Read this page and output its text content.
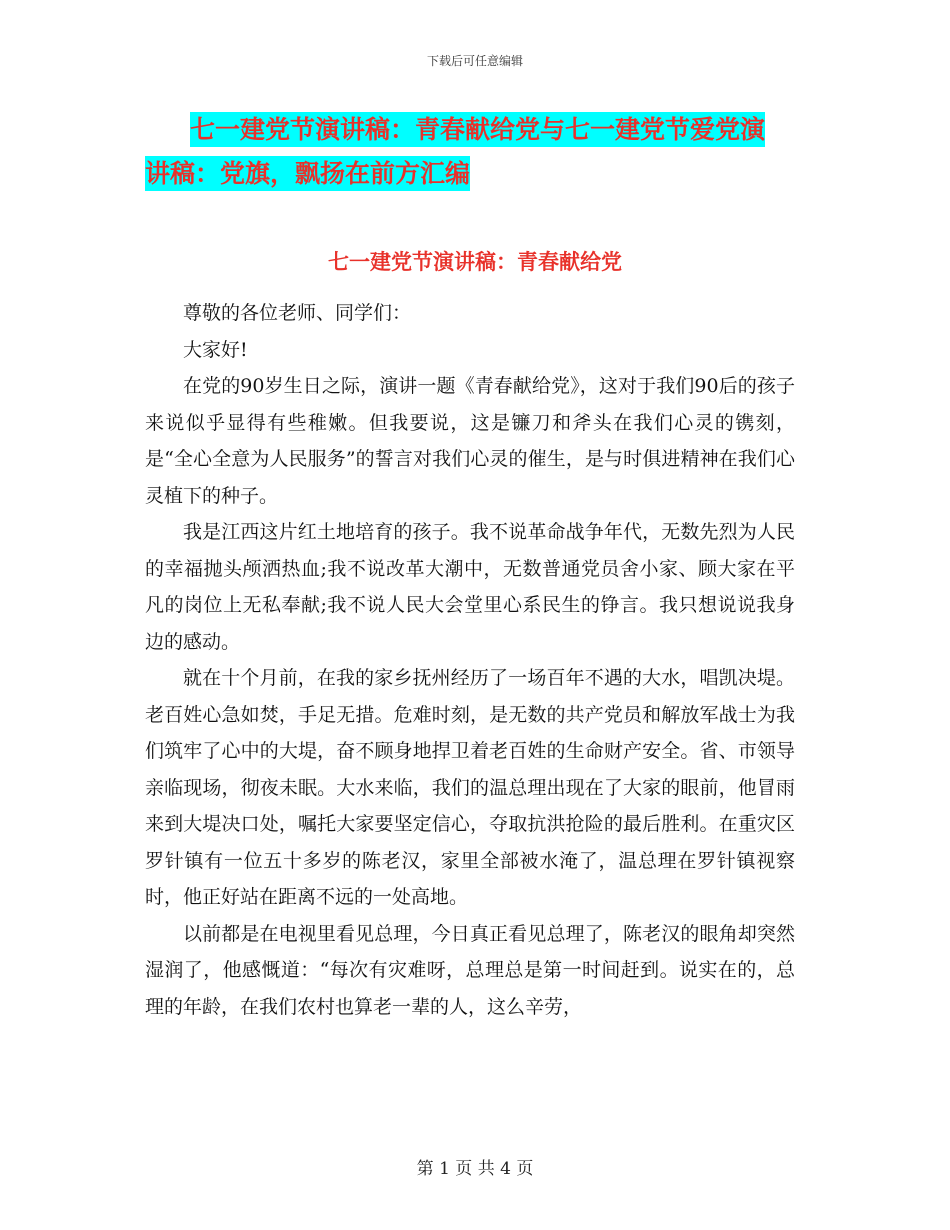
下载后可任意编辑
七一建党节演讲稿：青春献给党与七一建党节爱党演
讲稿：党旗，飘扬在前方汇编
七一建党节演讲稿：青春献给党

尊敬的各位老师、同学们：

大家好!

在党的90岁生日之际，演讲一题《青春献给党》，这对于我们90后的孩子来说似乎显得有些稚嫩。但我要说，这是镰刀和斧头在我们心灵的镌刻，是“全心全意为人民服务”的誓言对我们心灵的催生，是与时俱进精神在我们心灵植下的种子。

我是江西这片红土地培育的孩子。我不说革命战争年代，无数先烈为人民的幸福抛头颅洒热血;我不说改革大潮中，无数普通党员舍小家、顾大家在平凡的岗位上无私奉献;我不说人民大会堂里心系民生的铮言。我只想说说我身边的感动。

就在十个月前，在我的家乡抚州经历了一场百年不遇的大水，唱凯决堤。老百姓心急如焚，手足无措。危难时刻，是无数的共产党员和解放军战士为我们筑牢了心中的大堤，奋不顾身地捍卫着老百姓的生命财产安全。省、市领导亲临现场，彻夜未眠。大水来临，我们的温总理出现在了大家的眼前，他冒雨来到大堤决口处，嘱托大家要坚定信心，夺取抗洪抢险的最后胜利。在重灾区罗针镇有一位五十多岁的陈老汉，家里全部被水淹了，温总理在罗针镇视察时，他正好站在距离不远的一处高地。

以前都是在电视里看见总理，今日真正看见总理了，陈老汉的眼角却突然湿润了，他感慨道：“每次有灾难呀，总理总是第一时间赶到。说实在的，总理的年龄，在我们农村也算老一辈的人，这么辛劳，

第 1 页 共 4 页
